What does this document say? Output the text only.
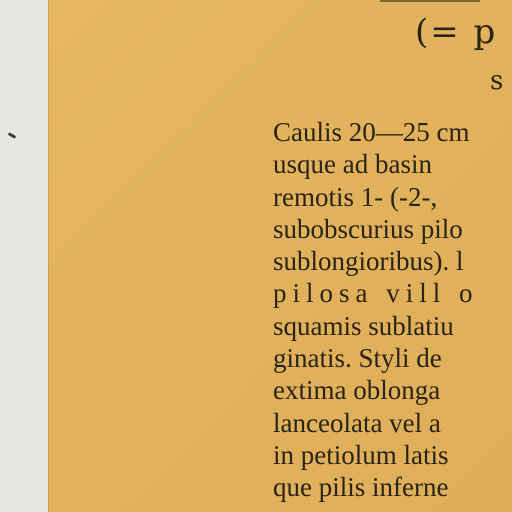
(= p
s
Caulis 20—25 cm
usque ad basin
remotis 1- (-2-,
subobscurius pilo
sublongioribus). l
pilosa vill o
squamis sublatiu
ginatis. Styli de
extima oblonga
lanceolata vel a
in petiolum latis
que pilis inferne
